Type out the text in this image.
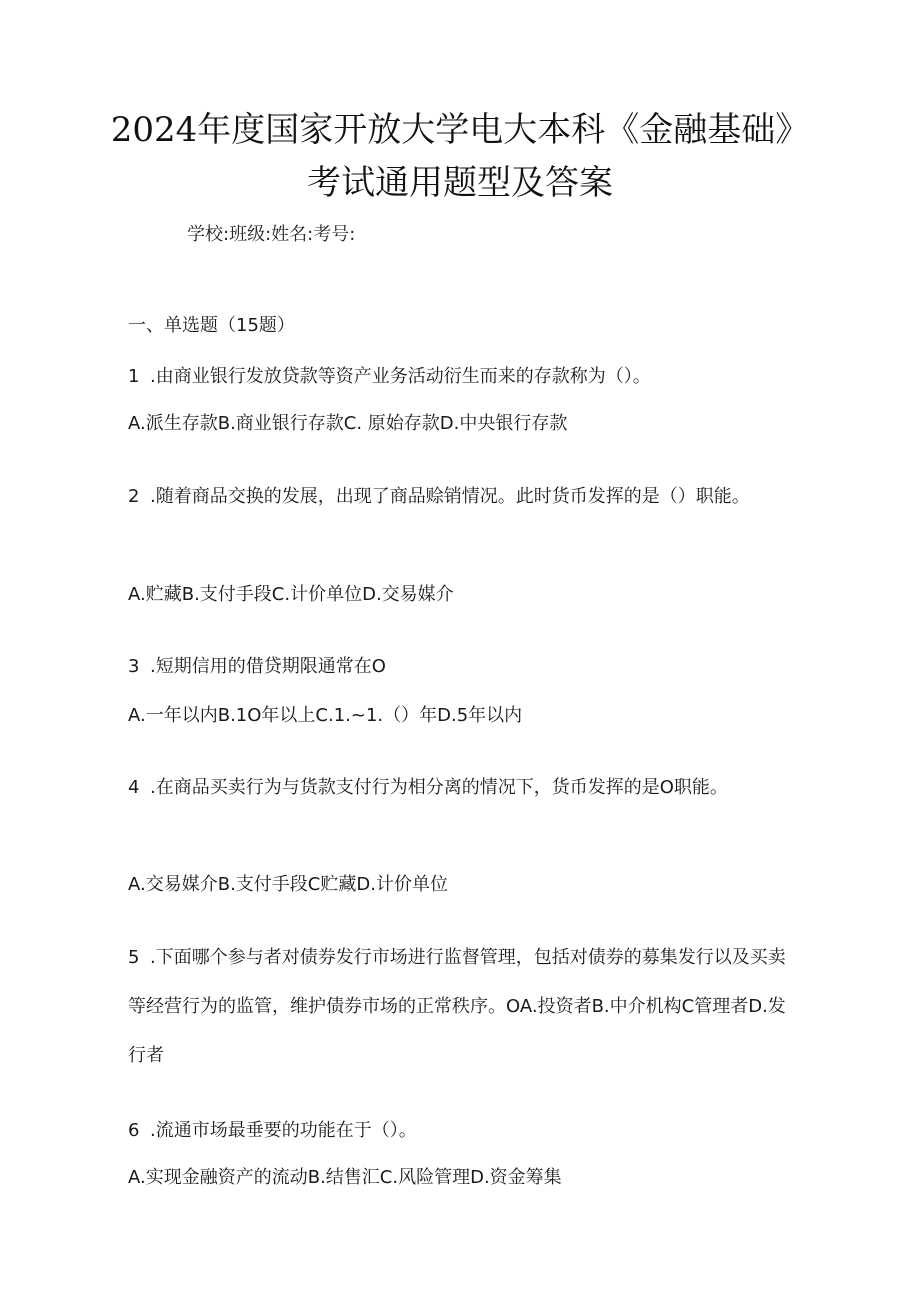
2024年度国家开放大学电大本科《金融基础》
考试通用题型及答案
学校:班级:姓名:考号:
一、单选题（15题）
1 .由商业银行发放贷款等资产业务活动衍生而来的存款称为（）。
A.派生存款B.商业银行存款C. 原始存款D.中央银行存款
2 .随着商品交换的发展，出现了商品赊销情况。此时货币发挥的是（）职能。
A.贮藏B.支付手段C.计价单位D.交易媒介
3 .短期信用的借贷期限通常在O
A.一年以内B.1O年以上C.1.~1.（）年D.5年以内
4 .在商品买卖行为与货款支付行为相分离的情况下，货币发挥的是O职能。
A.交易媒介B.支付手段C贮藏D.计价单位
5 .下面哪个参与者对债券发行市场进行监督管理，包括对债券的募集发行以及买卖等经营行为的监管，维护债券市场的正常秩序。OA.投资者B.中介机构C管理者D.发行者
6 .流通市场最垂要的功能在于（）。
A.实现金融资产的流动B.结售汇C.风险管理D.资金筹集
